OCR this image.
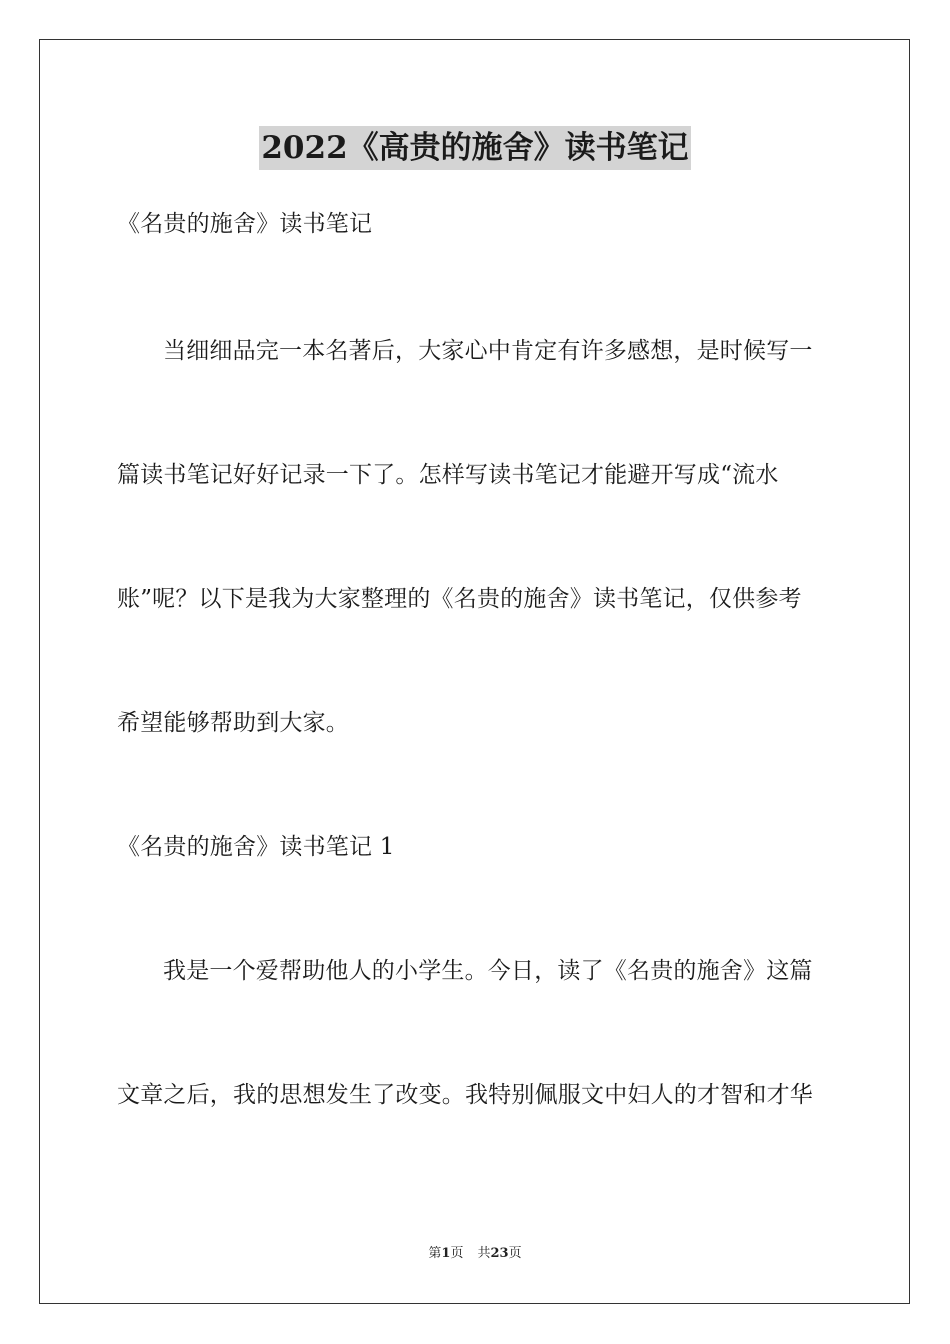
2022《高贵的施舍》读书笔记
《名贵的施舍》读书笔记
当细细品完一本名著后，大家心中肯定有许多感想，是时候写一
篇读书笔记好好记录一下了。怎样写读书笔记才能避开写成“流水
账”呢？以下是我为大家整理的《名贵的施舍》读书笔记，仅供参考
希望能够帮助到大家。
《名贵的施舍》读书笔记 1
我是一个爱帮助他人的小学生。今日，读了《名贵的施舍》这篇
文章之后，我的思想发生了改变。我特别佩服文中妇人的才智和才华
第1页 共23页
